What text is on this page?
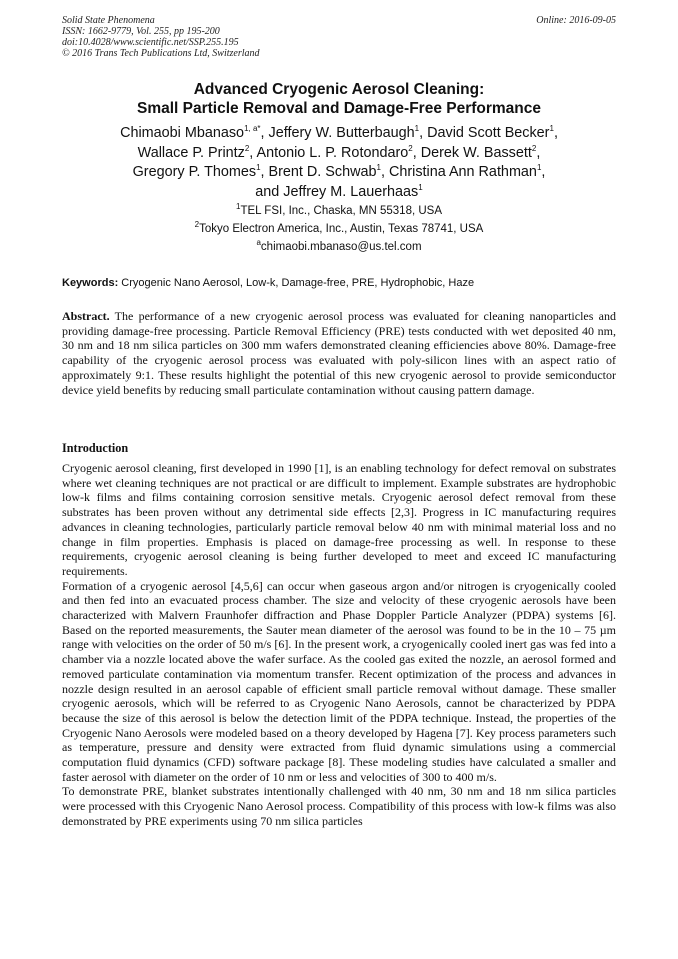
Solid State Phenomena
ISSN: 1662-9779, Vol. 255, pp 195-200
doi:10.4028/www.scientific.net/SSP.255.195
© 2016 Trans Tech Publications Ltd, Switzerland
Online: 2016-09-05
Advanced Cryogenic Aerosol Cleaning:
Small Particle Removal and Damage-Free Performance
Chimaobi Mbanaso$^{1, a*}$, Jeffery W. Butterbaugh$^1$, David Scott Becker$^1$,
Wallace P. Printz$^2$, Antonio L. P. Rotondaro$^2$, Derek W. Bassett$^2$,
Gregory P. Thomes$^1$, Brent D. Schwab$^1$, Christina Ann Rathman$^1$,
and Jeffrey M. Lauerhaas$^1$
$^1$TEL FSI, Inc., Chaska, MN 55318, USA
$^2$Tokyo Electron America, Inc., Austin, Texas 78741, USA
$^a$chimaobi.mbanaso@us.tel.com
Keywords: Cryogenic Nano Aerosol, Low-k, Damage-free, PRE, Hydrophobic, Haze
Abstract. The performance of a new cryogenic aerosol process was evaluated for cleaning nanoparticles and providing damage-free processing. Particle Removal Efficiency (PRE) tests conducted with wet deposited 40 nm, 30 nm and 18 nm silica particles on 300 mm wafers demonstrated cleaning efficiencies above 80%. Damage-free capability of the cryogenic aerosol process was evaluated with poly-silicon lines with an aspect ratio of approximately 9:1. These results highlight the potential of this new cryogenic aerosol to provide semiconductor device yield benefits by reducing small particulate contamination without causing pattern damage.
Introduction

Cryogenic aerosol cleaning, first developed in 1990 [1], is an enabling technology for defect removal on substrates where wet cleaning techniques are not practical or are difficult to implement. Example substrates are hydrophobic low-k films and films containing corrosion sensitive metals. Cryogenic aerosol defect removal from these substrates has been proven without any detrimental side effects [2,3]. Progress in IC manufacturing requires advances in cleaning technologies, particularly particle removal below 40 nm with minimal material loss and no change in film properties. Emphasis is placed on damage-free processing as well. In response to these requirements, cryogenic aerosol cleaning is being further developed to meet and exceed IC manufacturing requirements.

Formation of a cryogenic aerosol [4,5,6] can occur when gaseous argon and/or nitrogen is cryogenically cooled and then fed into an evacuated process chamber. The size and velocity of these cryogenic aerosols have been characterized with Malvern Fraunhofer diffraction and Phase Doppler Particle Analyzer (PDPA) systems [6]. Based on the reported measurements, the Sauter mean diameter of the aerosol was found to be in the 10 – 75 µm range with velocities on the order of 50 m/s [6]. In the present work, a cryogenically cooled inert gas was fed into a chamber via a nozzle located above the wafer surface. As the cooled gas exited the nozzle, an aerosol formed and removed particulate contamination via momentum transfer. Recent optimization of the process and advances in nozzle design resulted in an aerosol capable of efficient small particle removal without damage. These smaller cryogenic aerosols, which will be referred to as Cryogenic Nano Aerosols, cannot be characterized by PDPA because the size of this aerosol is below the detection limit of the PDPA technique. Instead, the properties of the Cryogenic Nano Aerosols were modeled based on a theory developed by Hagena [7]. Key process parameters such as temperature, pressure and density were extracted from fluid dynamic simulations using a commercial computation fluid dynamics (CFD) software package [8]. These modeling studies have calculated a smaller and faster aerosol with diameter on the order of 10 nm or less and velocities of 300 to 400 m/s.

To demonstrate PRE, blanket substrates intentionally challenged with 40 nm, 30 nm and 18 nm silica particles were processed with this Cryogenic Nano Aerosol process. Compatibility of this process with low-k films was also demonstrated by PRE experiments using 70 nm silica particles
